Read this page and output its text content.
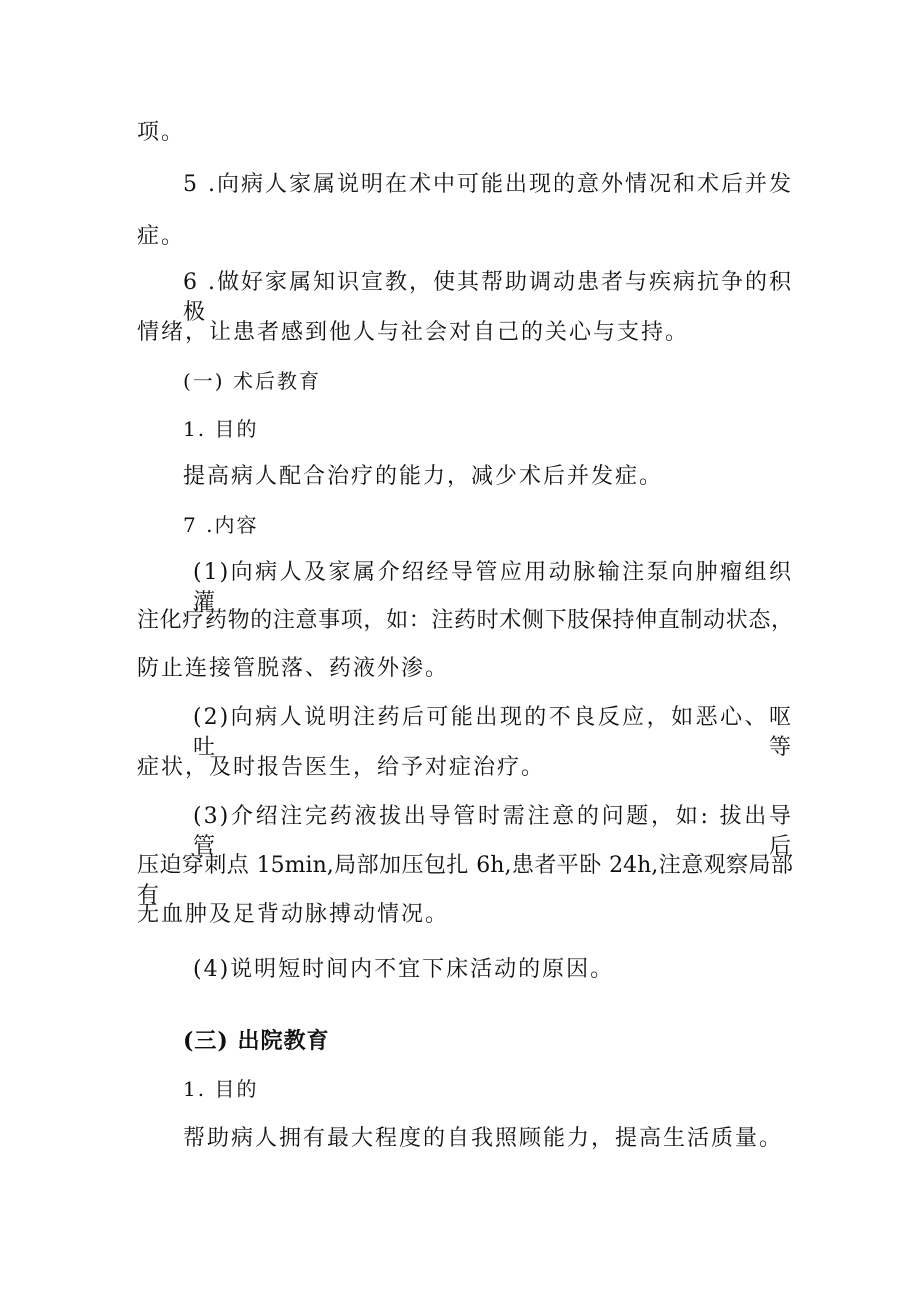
项。
5 .向病人家属说明在术中可能出现的意外情况和术后并发
症。
6 .做好家属知识宣教，使其帮助调动患者与疾病抗争的积极
情绪，让患者感到他人与社会对自己的关心与支持。
(一) 术后教育
1. 目的
提高病人配合治疗的能力，减少术后并发症。
7 .内容
(1)向病人及家属介绍经导管应用动脉输注泵向肿瘤组织灌
注化疗药物的注意事项，如：注药时术侧下肢保持伸直制动状态，
防止连接管脱落、药液外渗。
(2)向病人说明注药后可能出现的不良反应，如恶心、呕吐等
症状，及时报告医生，给予对症治疗。
(3)介绍注完药液拔出导管时需注意的问题，如: 拔出导管后
压迫穿刺点 15min,局部加压包扎 6h,患者平卧 24h,注意观察局部有
无血肿及足背动脉搏动情况。
(4)说明短时间内不宜下床活动的原因。
(三) 出院教育
1. 目的
帮助病人拥有最大程度的自我照顾能力，提高生活质量。
